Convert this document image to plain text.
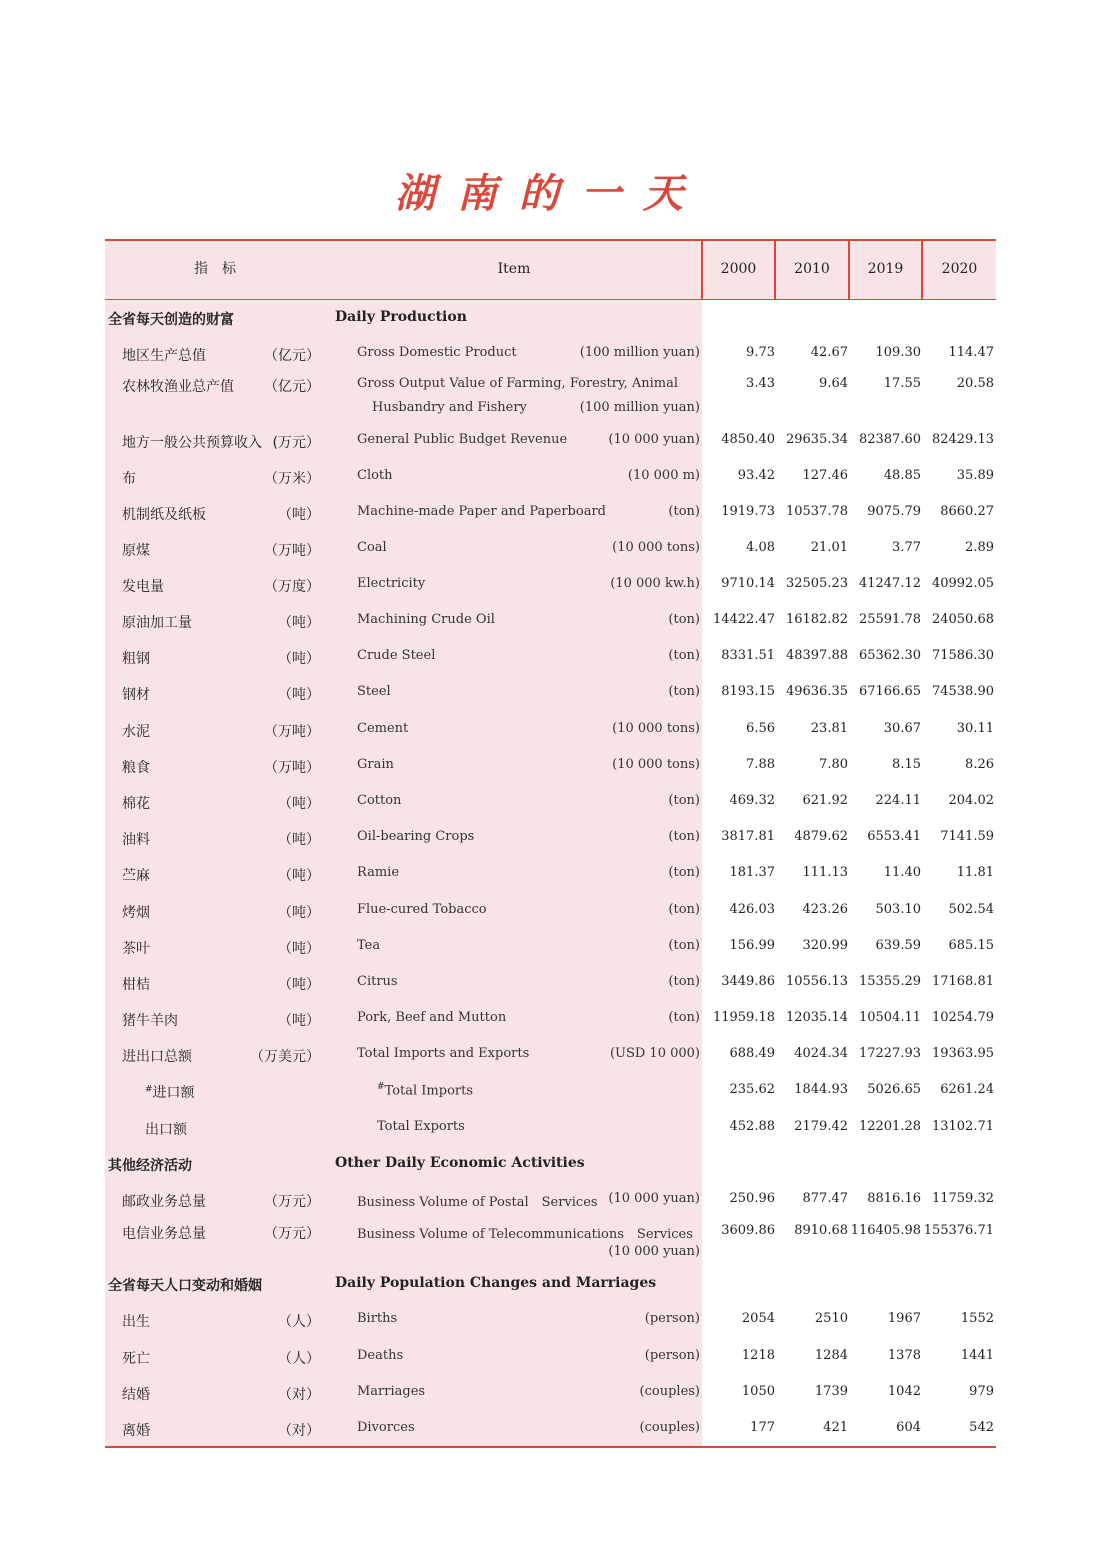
湖南的一天
指　标	Item	2000	2010	2019	2020
全省每天创造的财富	Daily Production
地区生产总值	（亿元）	Gross Domestic Product	(100 million yuan)	9.73	42.67 109.30 114.47
农林牧渔业总产值	（亿元）	Gross Output Value of Farming, Forestry, Animal
Husbandry and Fishery	(100 million yuan)
3.43	9.64	17.55	20.58
地方一般公共预算收入 (万元）	General Public Budget Revenue	(10 000 yuan) 4850.40 29635.34 82387.60 82429.13
布	（万米）	Cloth	(10 000 m)	93.42 127.46	48.85	35.89
机制纸及纸板	（吨）	Machine-made Paper and Paperboard	(ton) 1919.73 10537.78 9075.79 8660.27
原煤	（万吨）	Coal	(10 000 tons)	4.08	21.01	3.77	2.89
发电量	（万度）	Electricity	(10 000 kw.h) 9710.14 32505.23 41247.12 40992.05
原油加工量	（吨）	Machining Crude Oil	(ton) 14422.47 16182.82 25591.78 24050.68
粗钢	（吨）	Crude Steel	(ton) 8331.51 48397.88 65362.30 71586.30
钢材	（吨）	Steel	(ton) 8193.15 49636.35 67166.65 74538.90
水泥	（万吨）	Cement	(10 000 tons)	6.56	23.81	30.67	30.11
粮食	（万吨）	Grain	(10 000 tons)	7.88	7.80	8.15	8.26
棉花	（吨）	Cotton	(ton) 469.32 621.92 224.11 204.02
油料	（吨）	Oil-bearing Crops	(ton) 3817.81 4879.62 6553.41 7141.59
苎麻	（吨）	Ramie	(ton) 181.37 111.13	11.40	11.81
烤烟	（吨）	Flue-cured Tobacco	(ton) 426.03 423.26 503.10 502.54
茶叶	（吨）	Tea	(ton) 156.99 320.99 639.59 685.15
柑桔	（吨）	Citrus	(ton) 3449.86 10556.13 15355.29 17168.81
猪牛羊肉	（吨）	Pork, Beef and Mutton	(ton) 11959.18 12035.14 10504.11 10254.79
进出口总额	（万美元）	Total Imports and Exports	(USD 10 000) 688.49 4024.34 17227.93 19363.95
#进口额	#Total Imports	235.62 1844.93 5026.65 6261.24
出口额	Total Exports	452.88 2179.42 12201.28 13102.71
其他经济活动	Other Daily Economic Activities
邮政业务总量	（万元）	Business Volume of Postal　Services (10 000 yuan) 250.96 877.47 8816.16 11759.32
电信业务总量	（万元）	Business Volume of Telecommunications　Services
(10 000 yuan)
3609.86 8910.68 116405.98 155376.71
全省每天人口变动和婚姻	Daily Population Changes and Marriages
出生	（人）	Births	(person)	2054	2510	1967	1552
死亡	（人）	Deaths	(person)	1218	1284	1378	1441
结婚	（对）	Marriages	(couples)	1050	1739	1042	979
离婚	（对）	Divorces	(couples)	177	421	604	542
